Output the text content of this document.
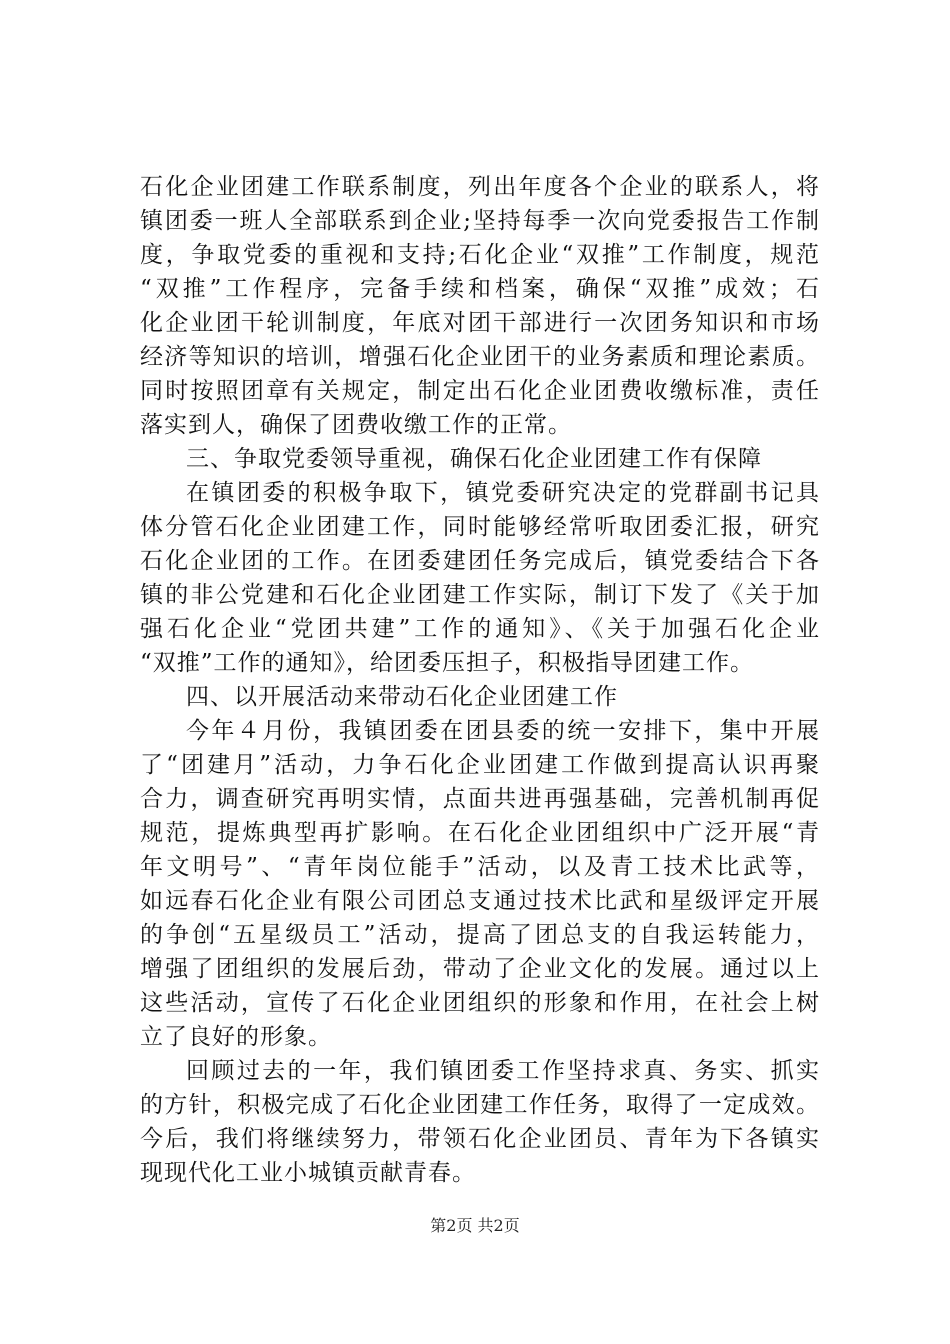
石化企业团建工作联系制度，列出年度各个企业的联系人，将
镇团委一班人全部联系到企业;坚持每季一次向党委报告工作制
度，争取党委的重视和支持;石化企业“双推”工作制度，规范
“双推”工作程序，完备手续和档案，确保“双推”成效；石
化企业团干轮训制度，年底对团干部进行一次团务知识和市场
经济等知识的培训，增强石化企业团干的业务素质和理论素质。
同时按照团章有关规定，制定出石化企业团费收缴标准，责任
落实到人，确保了团费收缴工作的正常。
三、争取党委领导重视，确保石化企业团建工作有保障
在镇团委的积极争取下，镇党委研究决定的党群副书记具
体分管石化企业团建工作，同时能够经常听取团委汇报，研究
石化企业团的工作。在团委建团任务完成后，镇党委结合下各
镇的非公党建和石化企业团建工作实际，制订下发了《关于加
强石化企业“党团共建”工作的通知》、《关于加强石化企业
“双推”工作的通知》，给团委压担子，积极指导团建工作。
四、以开展活动来带动石化企业团建工作
今年４月份，我镇团委在团县委的统一安排下，集中开展
了“团建月”活动，力争石化企业团建工作做到提高认识再聚
合力，调查研究再明实情，点面共进再强基础，完善机制再促
规范，提炼典型再扩影响。在石化企业团组织中广泛开展“青
年文明号”、“青年岗位能手”活动，以及青工技术比武等，
如远春石化企业有限公司团总支通过技术比武和星级评定开展
的争创“五星级员工”活动，提高了团总支的自我运转能力，
增强了团组织的发展后劲，带动了企业文化的发展。通过以上
这些活动，宣传了石化企业团组织的形象和作用，在社会上树
立了良好的形象。
回顾过去的一年，我们镇团委工作坚持求真、务实、抓实
的方针，积极完成了石化企业团建工作任务，取得了一定成效。
今后，我们将继续努力，带领石化企业团员、青年为下各镇实
现现代化工业小城镇贡献青春。
第2页 共2页
